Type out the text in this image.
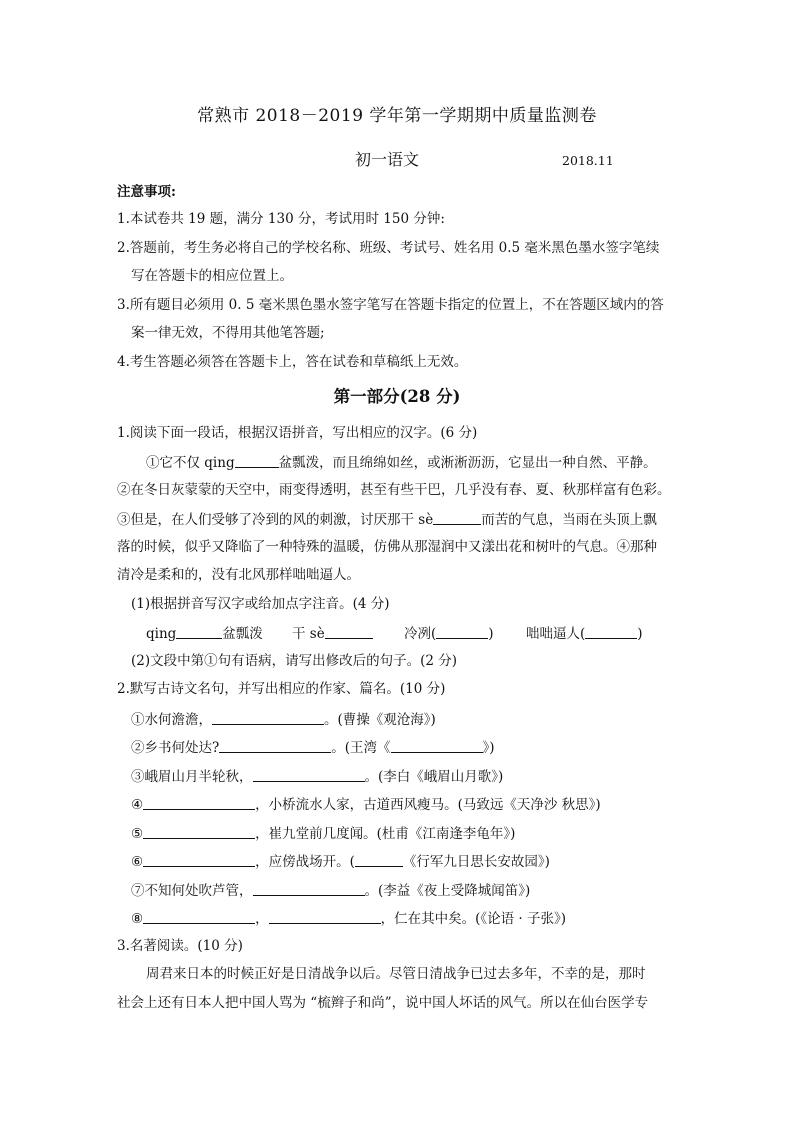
常熟市 2018－2019 学年第一学期期中质量监测卷
初一语文	2018.11
注意事项:
1.本试卷共 19 题，满分 130 分，考试用时 150 分钟:
2.答题前，考生务必将自己的学校名称、班级、考试号、姓名用 0.5 毫米黑色墨水签字笔续
写在答题卡的相应位置上。
3.所有题目必须用 0. 5 毫米黑色墨水签字笔写在答题卡指定的位置上，不在答题区域内的答
案一律无效，不得用其他笔答题;
4.考生答题必须答在答题卡上，答在试卷和草稿纸上无效。
第一部分(28 分)
1.阅读下面一段话，根据汉语拼音，写出相应的汉字。(6 分)
①它不仅 qing	盆瓢泼，而且绵绵如丝，或淅淅沥沥，它显出一种自然、平静。
②在冬日灰蒙蒙的天空中，雨变得透明，甚至有些干巴，几乎没有春、夏、秋那样富有色彩。
③但是，在人们受够了冷到的风的刺激，讨厌那干 sè	而苦的气息，当雨在头顶上飘
落的时候，似乎又降临了一种特殊的温暖，仿佛从那湿润中又漾出花和树叶的气息。④那种
清冷是柔和的，没有北风那样咄咄逼人。
(1)根据拼音写汉字或给加点字注音。(4 分)
qing	盆瓢泼 干 sè	冷冽(	) 咄咄逼人(	)
(2)文段中第①句有语病，请写出修改后的句子。(2 分)
2.默写古诗文名句，并写出相应的作家、篇名。(10 分)
①水何澹澹，	。(曹操《观沧海》)
②乡书何处达?	。(王湾《	》)
③峨眉山月半轮秋，	。(李白《峨眉山月歌》)
④	，小桥流水人家，古道西风瘦马。(马致远《天净沙 秋思》)
⑤	，崔九堂前几度闻。(杜甫《江南逢李龟年》)
⑥	，应傍战场开。(	《行军九日思长安故园》)
⑦不知何处吹芦管，	。(李益《夜上受降城闻笛》)
⑧	，	，仁在其中矣。(《论语 · 子张》)
3.名著阅读。(10 分)
周君来日本的时候正好是日清战争以后。尽管日清战争已过去多年，不幸的是，那时
社会上还有日本人把中国人骂为 “梳辫子和尚”，说中国人坏话的风气。所以在仙台医学专
